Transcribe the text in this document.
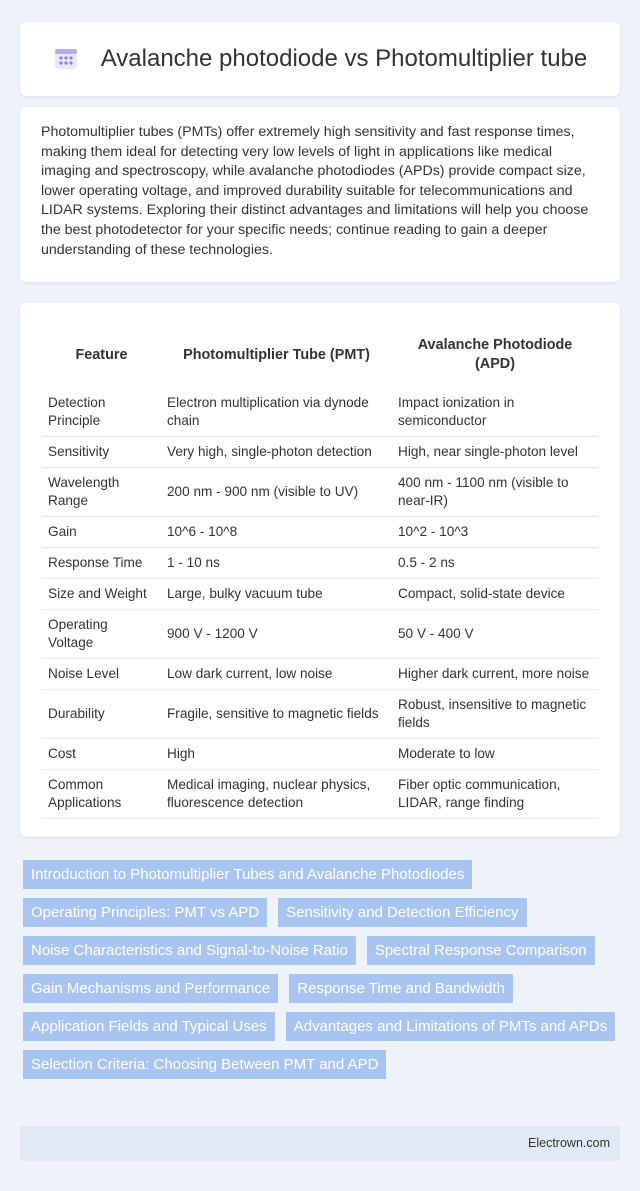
Avalanche photodiode vs Photomultiplier tube

Photomultiplier tubes (PMTs) offer extremely high sensitivity and fast response times, making them ideal for detecting very low levels of light in applications like medical imaging and spectroscopy, while avalanche photodiodes (APDs) provide compact size, lower operating voltage, and improved durability suitable for telecommunications and LIDAR systems. Exploring their distinct advantages and limitations will help you choose the best photodetector for your specific needs; continue reading to gain a deeper understanding of these technologies.

Feature	Photomultiplier Tube (PMT)	Avalanche Photodiode (APD)
Detection Principle	Electron multiplication via dynode chain	Impact ionization in semiconductor
Sensitivity	Very high, single-photon detection	High, near single-photon level
Wavelength Range	200 nm - 900 nm (visible to UV)	400 nm - 1100 nm (visible to near-IR)
Gain	10^6 - 10^8	10^2 - 10^3
Response Time	1 - 10 ns	0.5 - 2 ns
Size and Weight	Large, bulky vacuum tube	Compact, solid-state device
Operating Voltage	900 V - 1200 V	50 V - 400 V
Noise Level	Low dark current, low noise	Higher dark current, more noise
Durability	Fragile, sensitive to magnetic fields	Robust, insensitive to magnetic fields
Cost	High	Moderate to low
Common Applications	Medical imaging, nuclear physics, fluorescence detection	Fiber optic communication, LIDAR, range finding
Introduction to Photomultiplier Tubes and Avalanche Photodiodes
Operating Principles: PMT vs APD	Sensitivity and Detection Efficiency
Noise Characteristics and Signal-to-Noise Ratio	Spectral Response Comparison
Gain Mechanisms and Performance	Response Time and Bandwidth
Application Fields and Typical Uses	Advantages and Limitations of PMTs and APDs
Selection Criteria: Choosing Between PMT and APD
Electrown.com
